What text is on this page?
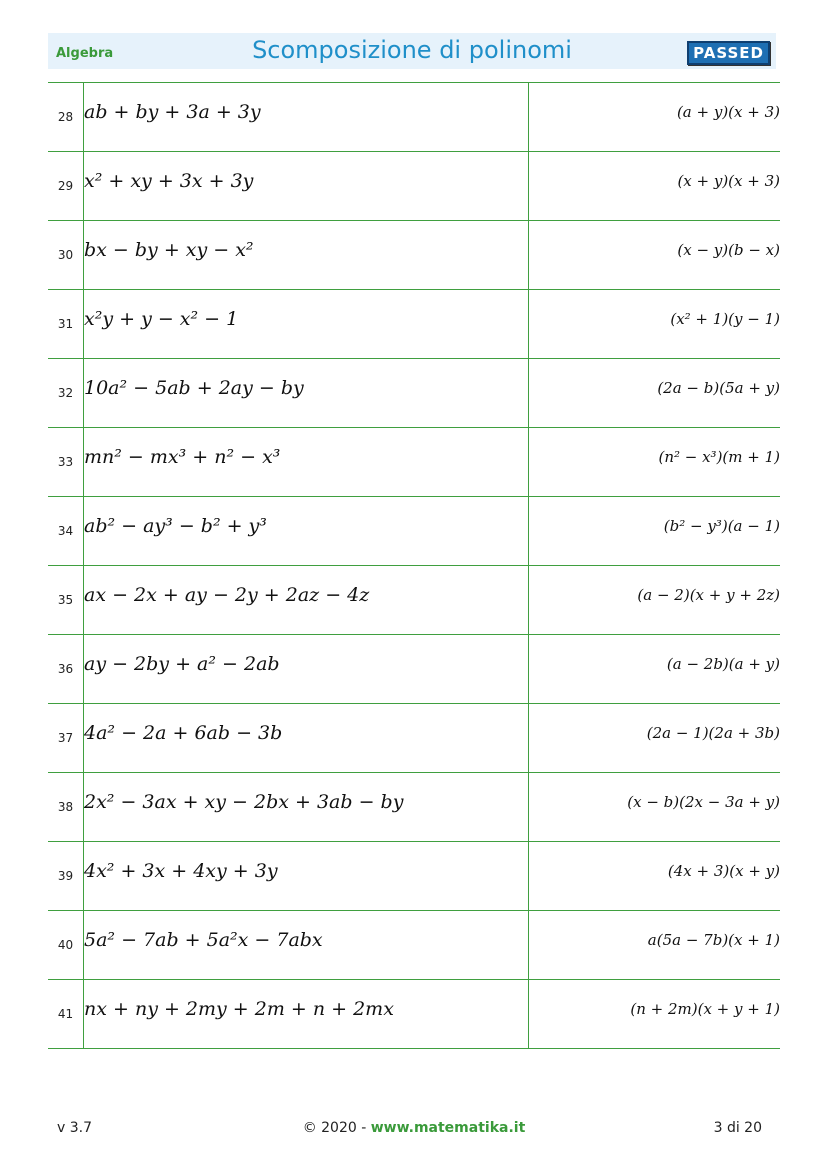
Algebra	Scomposizione di polinomi	PASSED
28	ab + by + 3a + 3y	(a + y)(x + 3)
29	x² + xy + 3x + 3y	(x + y)(x + 3)
30	bx − by + xy − x²	(x − y)(b − x)
31	x²y + y − x² − 1	(x² + 1)(y − 1)
32	10a² − 5ab + 2ay − by	(2a − b)(5a + y)
33	mn² − mx³ + n² − x³	(n² − x³)(m + 1)
34	ab² − ay³ − b² + y³	(b² − y³)(a − 1)
35	ax − 2x + ay − 2y + 2az − 4z	(a − 2)(x + y + 2z)
36	ay − 2by + a² − 2ab	(a − 2b)(a + y)
37	4a² − 2a + 6ab − 3b	(2a − 1)(2a + 3b)
38	2x² − 3ax + xy − 2bx + 3ab − by	(x − b)(2x − 3a + y)
39	4x² + 3x + 4xy + 3y	(4x + 3)(x + y)
40	5a² − 7ab + 5a²x − 7abx	a(5a − 7b)(x + 1)
41	nx + ny + 2my + 2m + n + 2mx	(n + 2m)(x + y + 1)
v 3.7	© 2020 - www.matematika.it	3 di 20
